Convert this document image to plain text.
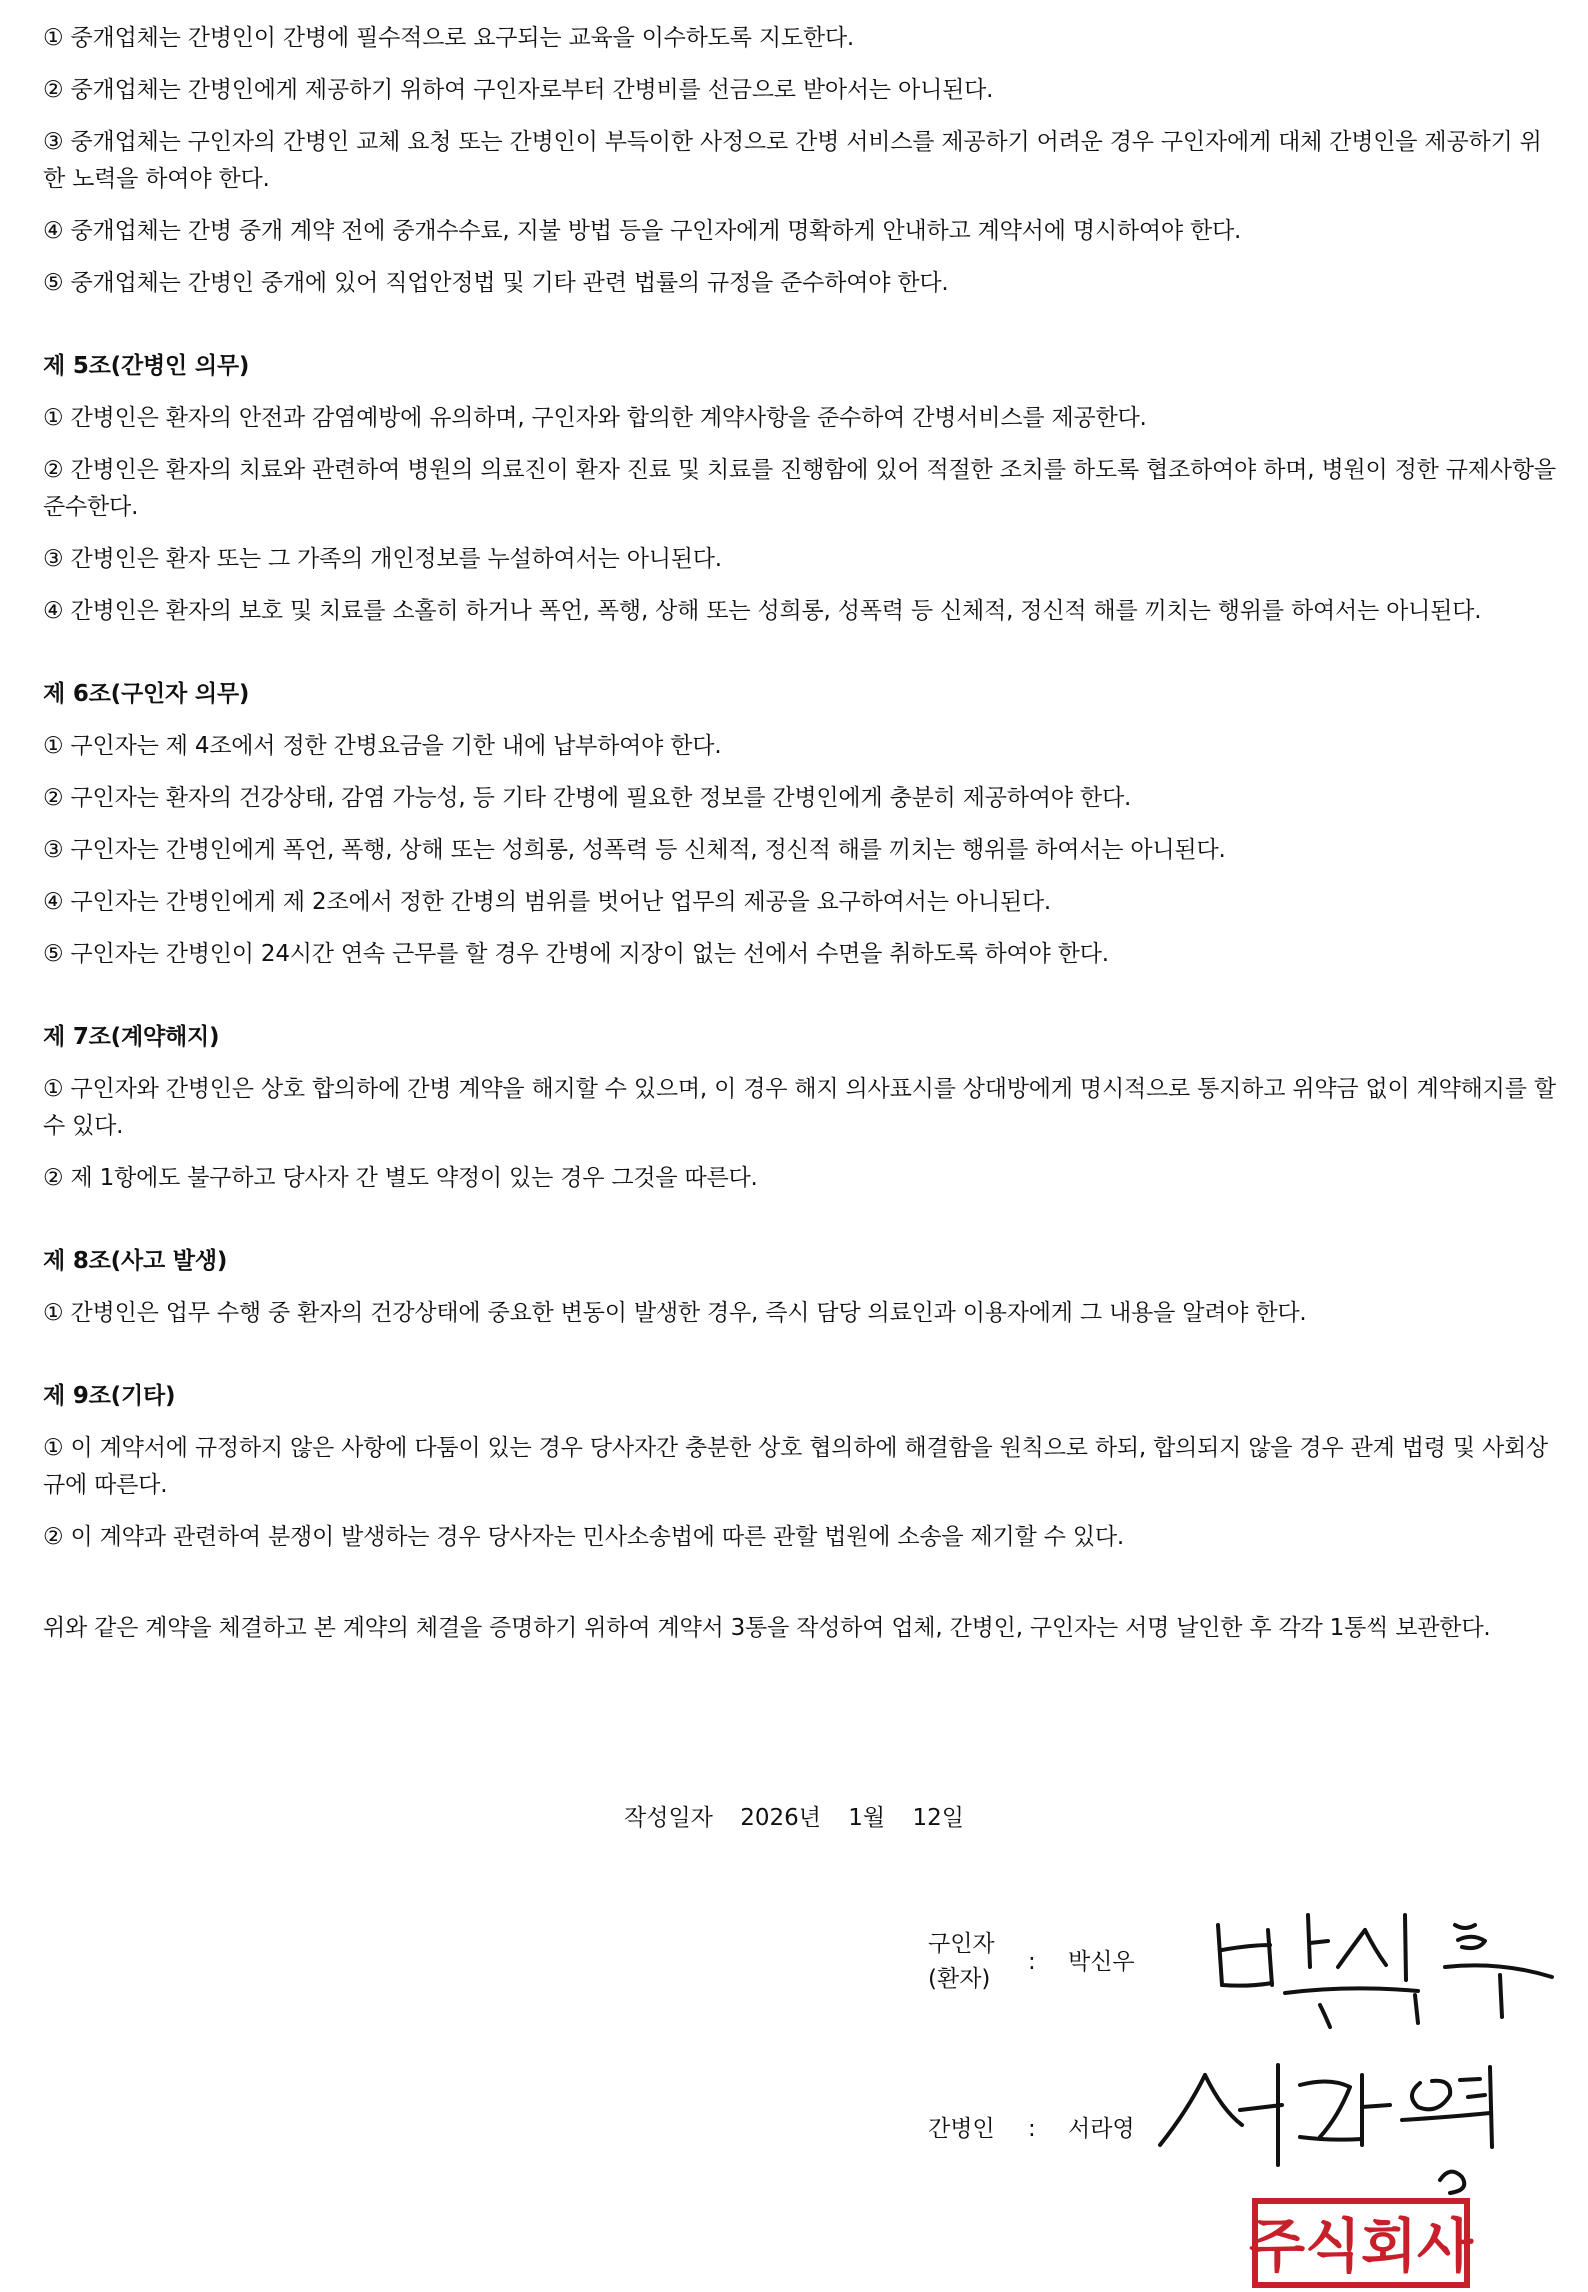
① 중개업체는 간병인이 간병에 필수적으로 요구되는 교육을 이수하도록 지도한다.

② 중개업체는 간병인에게 제공하기 위하여 구인자로부터 간병비를 선금으로 받아서는 아니된다.

③ 중개업체는 구인자의 간병인 교체 요청 또는 간병인이 부득이한 사정으로 간병 서비스를 제공하기 어려운 경우 구인자에게 대체 간병인을 제공하기 위한 노력을 하여야 한다.

④ 중개업체는 간병 중개 계약 전에 중개수수료, 지불 방법 등을 구인자에게 명확하게 안내하고 계약서에 명시하여야 한다.

⑤ 중개업체는 간병인 중개에 있어 직업안정법 및 기타 관련 법률의 규정을 준수하여야 한다.

제 5조(간병인 의무)

① 간병인은 환자의 안전과 감염예방에 유의하며, 구인자와 합의한 계약사항을 준수하여 간병서비스를 제공한다.

② 간병인은 환자의 치료와 관련하여 병원의 의료진이 환자 진료 및 치료를 진행함에 있어 적절한 조치를 하도록 협조하여야 하며, 병원이 정한 규제사항을 준수한다.

③ 간병인은 환자 또는 그 가족의 개인정보를 누설하여서는 아니된다.

④ 간병인은 환자의 보호 및 치료를 소홀히 하거나 폭언, 폭행, 상해 또는 성희롱, 성폭력 등 신체적, 정신적 해를 끼치는 행위를 하여서는 아니된다.

제 6조(구인자 의무)

① 구인자는 제 4조에서 정한 간병요금을 기한 내에 납부하여야 한다.

② 구인자는 환자의 건강상태, 감염 가능성, 등 기타 간병에 필요한 정보를 간병인에게 충분히 제공하여야 한다.

③ 구인자는 간병인에게 폭언, 폭행, 상해 또는 성희롱, 성폭력 등 신체적, 정신적 해를 끼치는 행위를 하여서는 아니된다.

④ 구인자는 간병인에게 제 2조에서 정한 간병의 범위를 벗어난 업무의 제공을 요구하여서는 아니된다.

⑤ 구인자는 간병인이 24시간 연속 근무를 할 경우 간병에 지장이 없는 선에서 수면을 취하도록 하여야 한다.

제 7조(계약해지)

① 구인자와 간병인은 상호 합의하에 간병 계약을 해지할 수 있으며, 이 경우 해지 의사표시를 상대방에게 명시적으로 통지하고 위약금 없이 계약해지를 할 수 있다.

② 제 1항에도 불구하고 당사자 간 별도 약정이 있는 경우 그것을 따른다.

제 8조(사고 발생)

① 간병인은 업무 수행 중 환자의 건강상태에 중요한 변동이 발생한 경우, 즉시 담당 의료인과 이용자에게 그 내용을 알려야 한다.

제 9조(기타)

① 이 계약서에 규정하지 않은 사항에 다툼이 있는 경우 당사자간 충분한 상호 협의하에 해결함을 원칙으로 하되, 합의되지 않을 경우 관계 법령 및 사회상규에 따른다.

② 이 계약과 관련하여 분쟁이 발생하는 경우 당사자는 민사소송법에 따른 관할 법원에 소송을 제기할 수 있다.

위와 같은 계약을 체결하고 본 계약의 체결을 증명하기 위하여 계약서 3통을 작성하여 업체, 간병인, 구인자는 서명 날인한 후 각각 1통씩 보관한다.

작성일자 2026년 1월 12일
구인자
(환자)
: 박신우
간병인 : 서라영
주식회사
